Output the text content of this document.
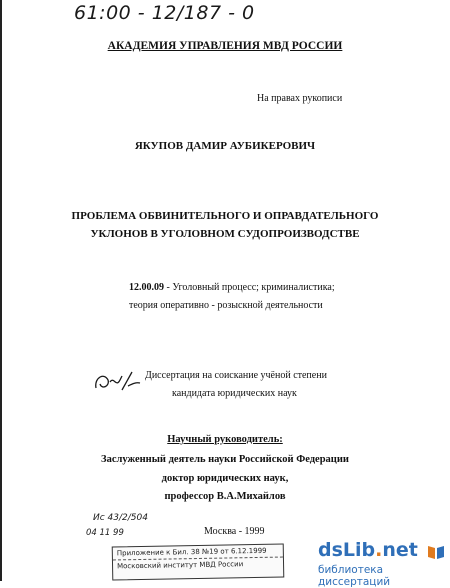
61:00 - 12/187 - 0
АКАДЕМИЯ УПРАВЛЕНИЯ МВД РОССИИ
На правах рукописи
ЯКУПОВ ДАМИР АУБИКЕРОВИЧ
ПРОБЛЕМА ОБВИНИТЕЛЬНОГО И ОПРАВДАТЕЛЬНОГО
УКЛОНОВ В УГОЛОВНОМ СУДОПРОИЗВОДСТВЕ
12.00.09 - Уголовный процесс; криминалистика;
теория оперативно - розыскной деятельности
Диссертация на соискание учёной степени
кандидата юридических наук
Научный руководитель:
Заслуженный деятель науки Российской Федерации
доктор юридических наук,
профессор В.А.Михайлов
Ис 43/2/504
04 11 99	Москва - 1999
Приложение к Бил. 38 №19 от 6.12.1999
Московский институт МВД России
dsLib.net
библиотека диссертаций
